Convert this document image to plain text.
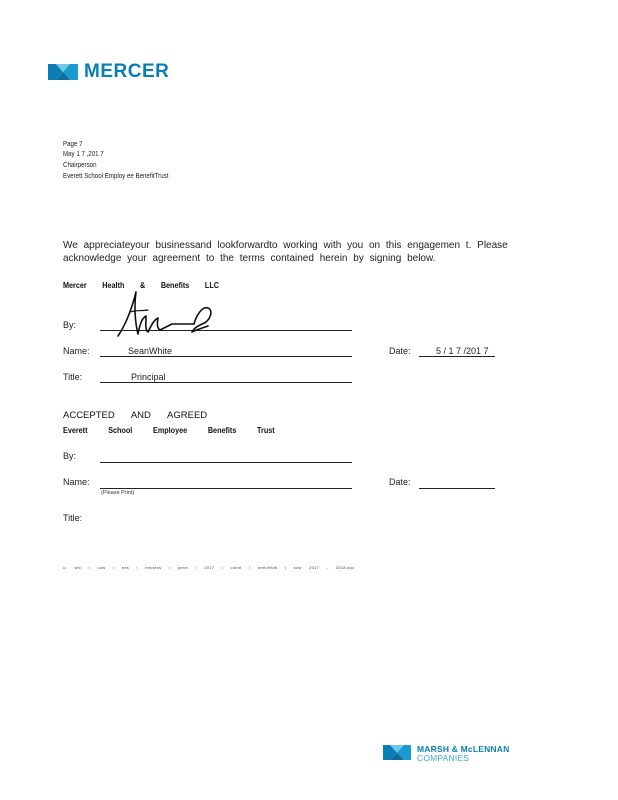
MERCER
Page 7
May 1 7 ,201 7
Chairperson
Everett School Employ ee BenefitTrust
We appreciateyour businessand lookforwardto working with you on this engagemen t. Please acknowledge your agreement to the terms contained herein by signing below.
Mercer Health & Benefits LLC
By:
Name:	SeanWhite	Date:	5 / 1 7 /201 7
Title:	Principal
ACCEPTED AND AGREED
Everett School Employee Benefits Trust
By:
Name:
(Please Print)
Date:
Title:
u: wtc \ cow \ ees \ eectees \ perm \ 2017 \ client \ eeectHdb \ sow 2017 - 2018.doc
MARSH & McLENNAN
COMPANIES
